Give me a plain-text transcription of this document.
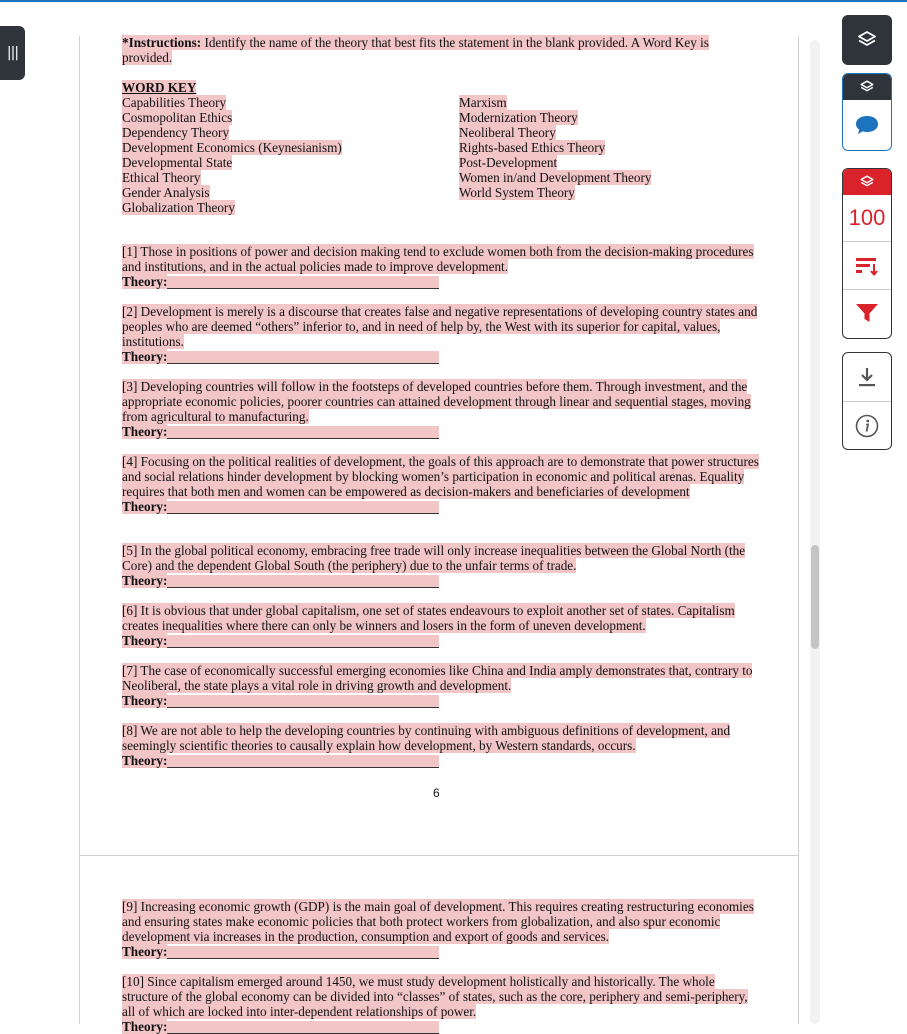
|||
*Instructions: Identify the name of the theory that best fits the statement in the blank provided. A Word Key is provided.
WORD KEY
Capabilities Theory
Cosmopolitan Ethics
Dependency Theory
Development Economics (Keynesianism)
Developmental State
Ethical Theory
Gender Analysis
Globalization Theory
Marxism
Modernization Theory
Neoliberal Theory
Rights-based Ethics Theory
Post-Development
Women in/and Development Theory
World System Theory
[1] Those in positions of power and decision making tend to exclude women both from the decision-making procedures and institutions, and in the actual policies made to improve development.
Theory:
[2] Development is merely is a discourse that creates false and negative representations of developing country states and peoples who are deemed “others” inferior to, and in need of help by, the West with its superior for capital, values, institutions.
Theory:
[3] Developing countries will follow in the footsteps of developed countries before them. Through investment, and the appropriate economic policies, poorer countries can attained development through linear and sequential stages, moving from agricultural to manufacturing.
Theory:
[4] Focusing on the political realities of development, the goals of this approach are to demonstrate that power structures and social relations hinder development by blocking women’s participation in economic and political arenas. Equality requires that both men and women can be empowered as decision-makers and beneficiaries of development
Theory:
[5] In the global political economy, embracing free trade will only increase inequalities between the Global North (the Core) and the dependent Global South (the periphery) due to the unfair terms of trade.
Theory:
[6] It is obvious that under global capitalism, one set of states endeavours to exploit another set of states. Capitalism creates inequalities where there can only be winners and losers in the form of uneven development.
Theory:
[7] The case of economically successful emerging economies like China and India amply demonstrates that, contrary to Neoliberal, the state plays a vital role in driving growth and development.
Theory:
[8] We are not able to help the developing countries by continuing with ambiguous definitions of development, and seemingly scientific theories to causally explain how development, by Western standards, occurs.
Theory:
6
[9] Increasing economic growth (GDP) is the main goal of development. This requires creating restructuring economies and ensuring states make economic policies that both protect workers from globalization, and also spur economic development via increases in the production, consumption and export of goods and services.
Theory:
[10] Since capitalism emerged around 1450, we must study development holistically and historically. The whole structure of the global economy can be divided into “classes” of states, such as the core, periphery and semi-periphery, all of which are locked into inter-dependent relationships of power.
Theory:
100
